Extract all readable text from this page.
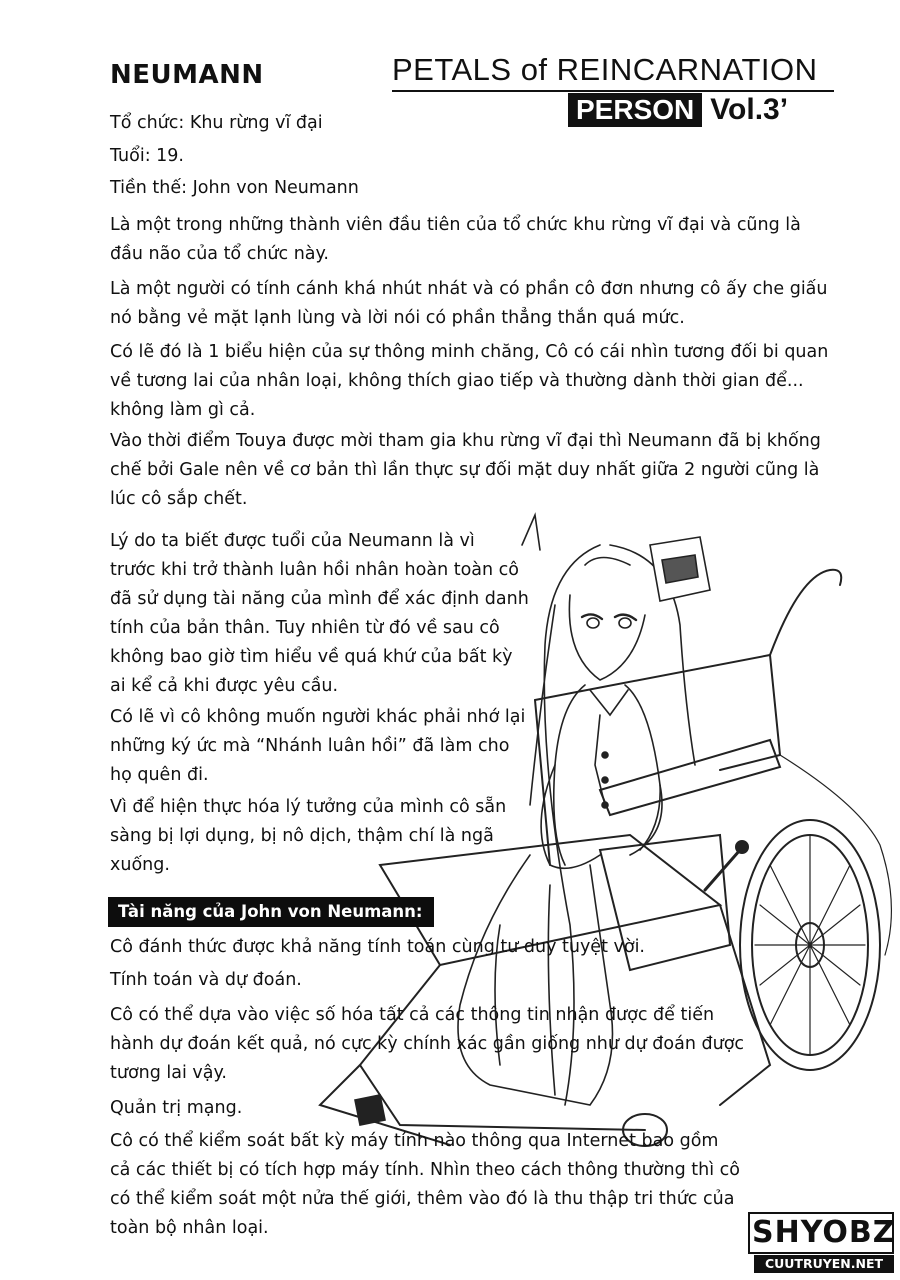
NEUMANN	PETALS of REINCARNATION
PERSON Vol.3’
Tổ chức: Khu rừng vĩ đại
Tuổi: 19.
Tiền thế: John von Neumann
Là một trong những thành viên đầu tiên của tổ chức khu rừng vĩ đại và cũng là
đầu não của tổ chức này.
Là một người có tính cánh khá nhút nhát và có phần cô đơn nhưng cô ấy che giấu
nó bằng vẻ mặt lạnh lùng và lời nói có phần thẳng thắn quá mức.
Có lẽ đó là 1 biểu hiện của sự thông minh chăng, Cô có cái nhìn tương đối bi quan
về tương lai của nhân loại, không thích giao tiếp và thường dành thời gian để...
không làm gì cả.
Vào thời điểm Touya được mời tham gia khu rừng vĩ đại thì Neumann đã bị khống
chế bởi Gale nên về cơ bản thì lần thực sự đối mặt duy nhất giữa 2 người cũng là
lúc cô sắp chết.
Lý do ta biết được tuổi của Neumann là vì
trước khi trở thành luân hồi nhân hoàn toàn cô
đã sử dụng tài năng của mình để xác định danh
tính của bản thân. Tuy nhiên từ đó về sau cô
không bao giờ tìm hiểu về quá khứ của bất kỳ
ai kể cả khi được yêu cầu.
Có lẽ vì cô không muốn người khác phải nhớ lại
những ký ức mà “Nhánh luân hồi” đã làm cho
họ quên đi.
Vì để hiện thực hóa lý tưởng của mình cô sẵn
sàng bị lợi dụng, bị nô dịch, thậm chí là ngã
xuống.
Tài năng của John von Neumann:
Cô đánh thức được khả năng tính toán cùng tư duy tuyệt vời.
Tính toán và dự đoán.
Cô có thể dựa vào việc số hóa tất cả các thông tin nhận được để tiến
hành dự đoán kết quả, nó cực kỳ chính xác gần giống như dự đoán được
tương lai vậy.
Quản trị mạng.
Cô có thể kiểm soát bất kỳ máy tính nào thông qua Internet bao gồm
cả các thiết bị có tích hợp máy tính. Nhìn theo cách thông thường thì cô
có thể kiểm soát một nửa thế giới, thêm vào đó là thu thập tri thức của
toàn bộ nhân loại.	SHYOBZ
CUUTRUYEN.NET
